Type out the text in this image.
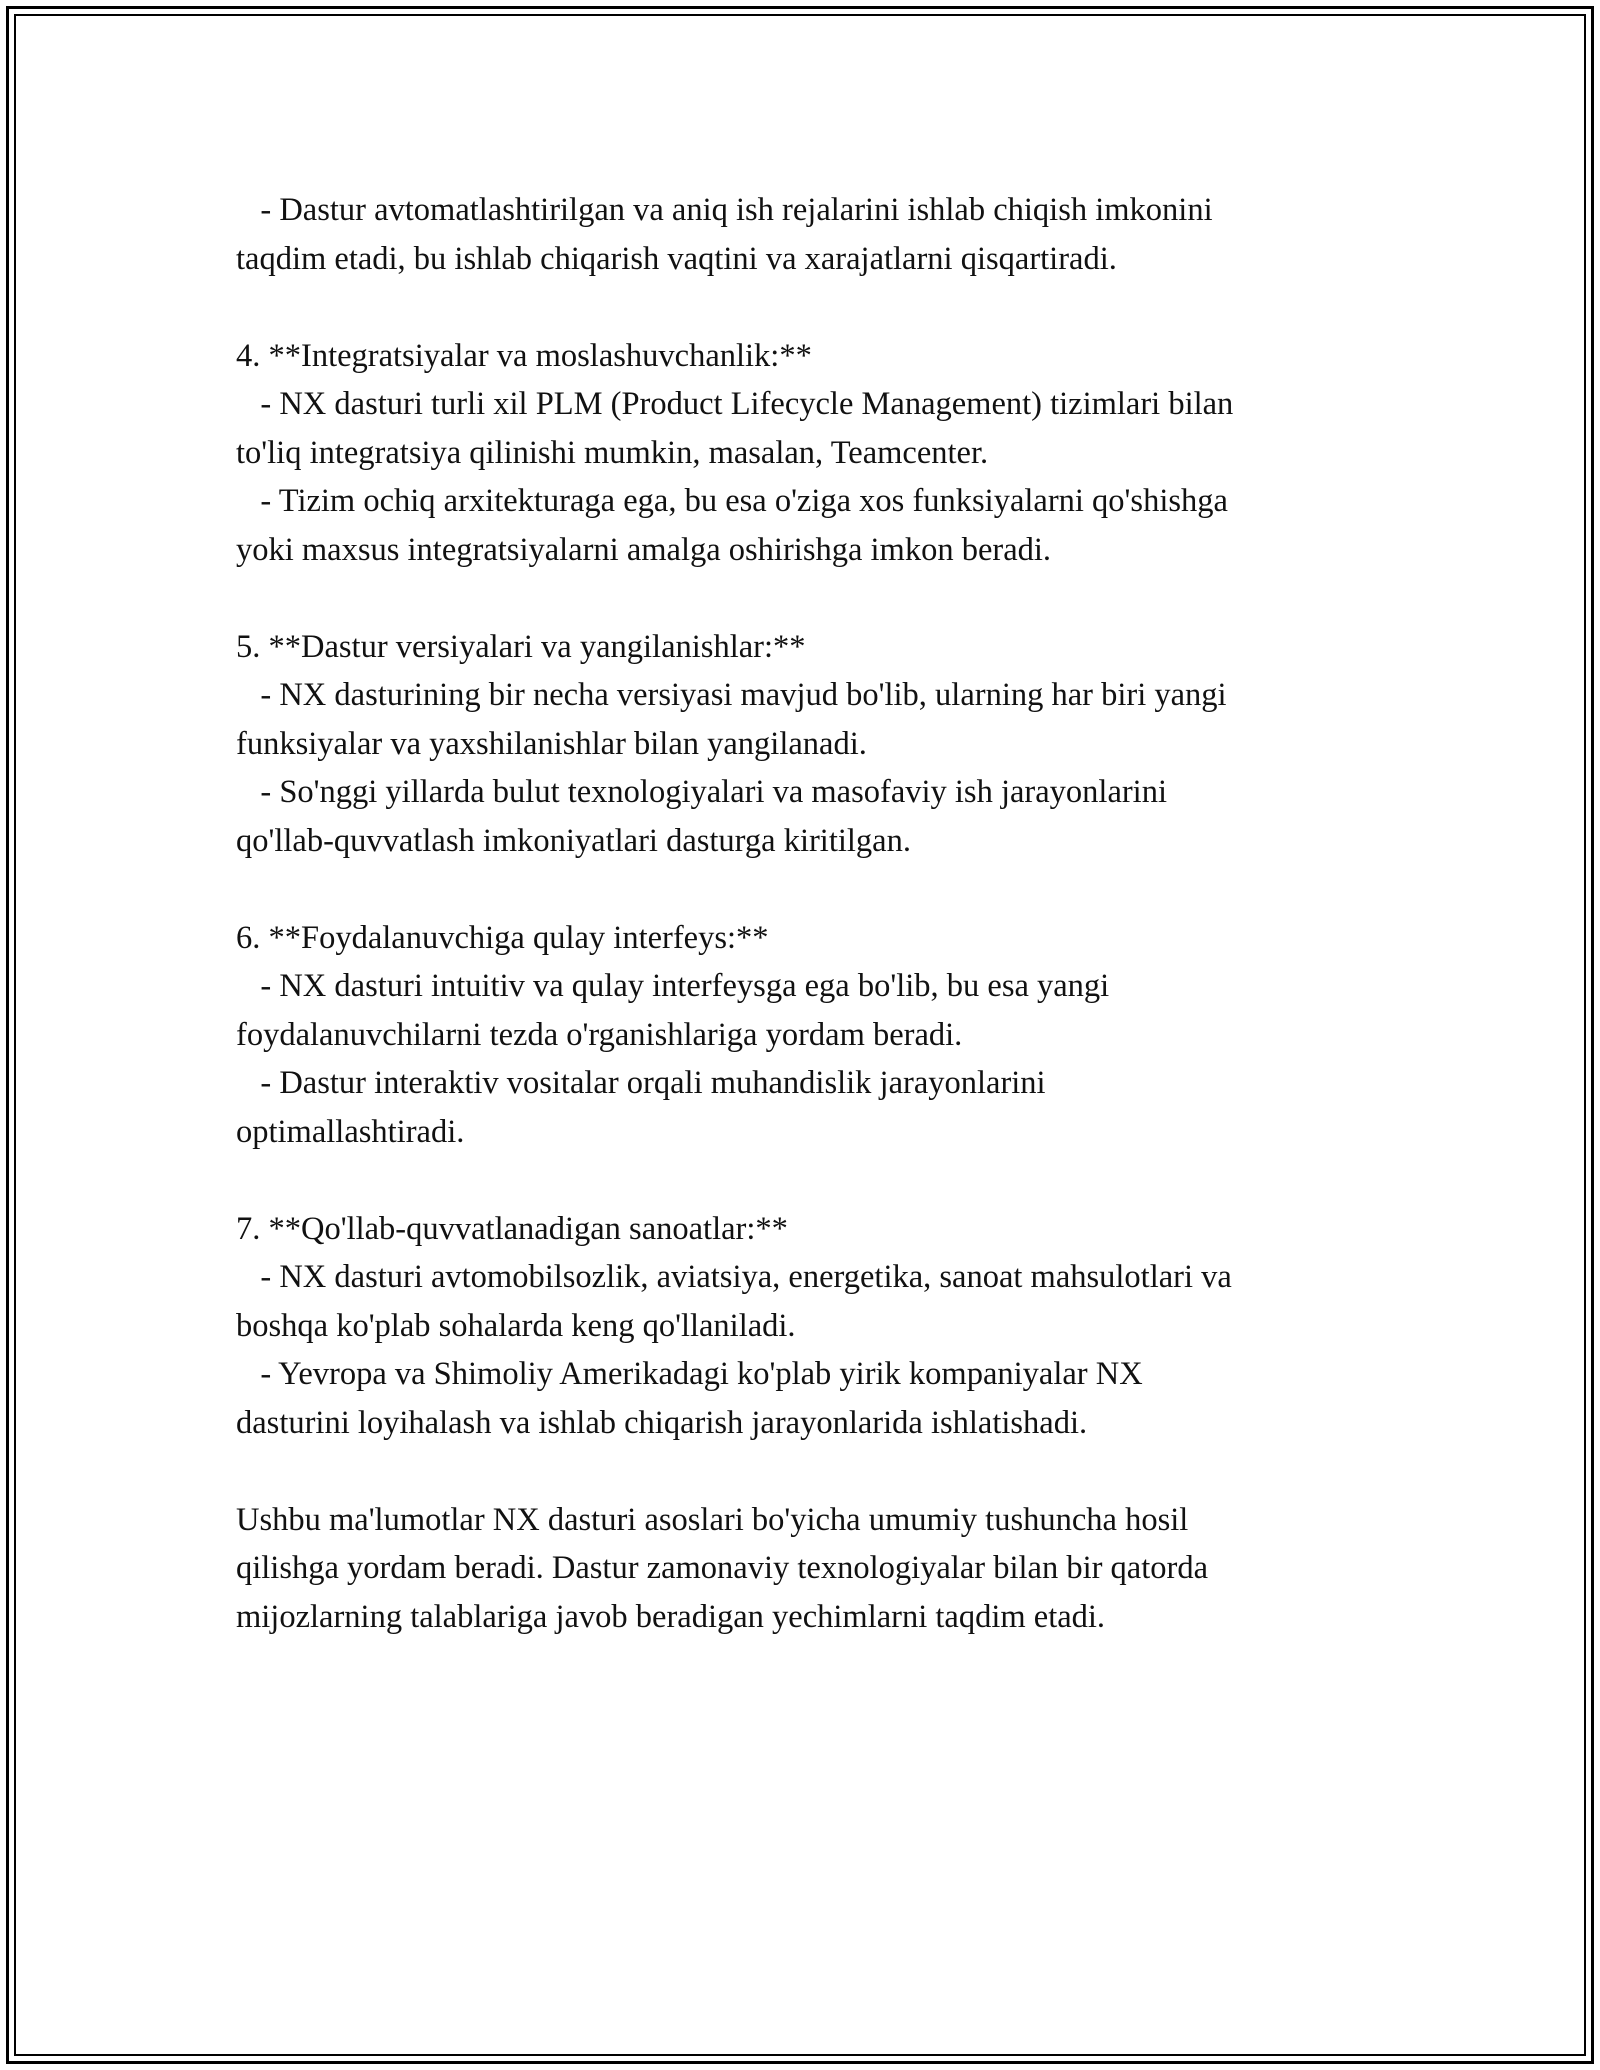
- Dastur avtomatlashtirilgan va aniq ish rejalarini ishlab chiqish imkonini
taqdim etadi, bu ishlab chiqarish vaqtini va xarajatlarni qisqartiradi.
4. **Integratsiyalar va moslashuvchanlik:**
- NX dasturi turli xil PLM (Product Lifecycle Management) tizimlari bilan
to'liq integratsiya qilinishi mumkin, masalan, Teamcenter.
- Tizim ochiq arxitekturaga ega, bu esa o'ziga xos funksiyalarni qo'shishga
yoki maxsus integratsiyalarni amalga oshirishga imkon beradi.
5. **Dastur versiyalari va yangilanishlar:**
- NX dasturining bir necha versiyasi mavjud bo'lib, ularning har biri yangi
funksiyalar va yaxshilanishlar bilan yangilanadi.
- So'nggi yillarda bulut texnologiyalari va masofaviy ish jarayonlarini
qo'llab-quvvatlash imkoniyatlari dasturga kiritilgan.
6. **Foydalanuvchiga qulay interfeys:**
- NX dasturi intuitiv va qulay interfeysga ega bo'lib, bu esa yangi
foydalanuvchilarni tezda o'rganishlariga yordam beradi.
- Dastur interaktiv vositalar orqali muhandislik jarayonlarini
optimallashtiradi.
7. **Qo'llab-quvvatlanadigan sanoatlar:**
- NX dasturi avtomobilsozlik, aviatsiya, energetika, sanoat mahsulotlari va
boshqa ko'plab sohalarda keng qo'llaniladi.
- Yevropa va Shimoliy Amerikadagi ko'plab yirik kompaniyalar NX
dasturini loyihalash va ishlab chiqarish jarayonlarida ishlatishadi.
Ushbu ma'lumotlar NX dasturi asoslari bo'yicha umumiy tushuncha hosil
qilishga yordam beradi. Dastur zamonaviy texnologiyalar bilan bir qatorda
mijozlarning talablariga javob beradigan yechimlarni taqdim etadi.
